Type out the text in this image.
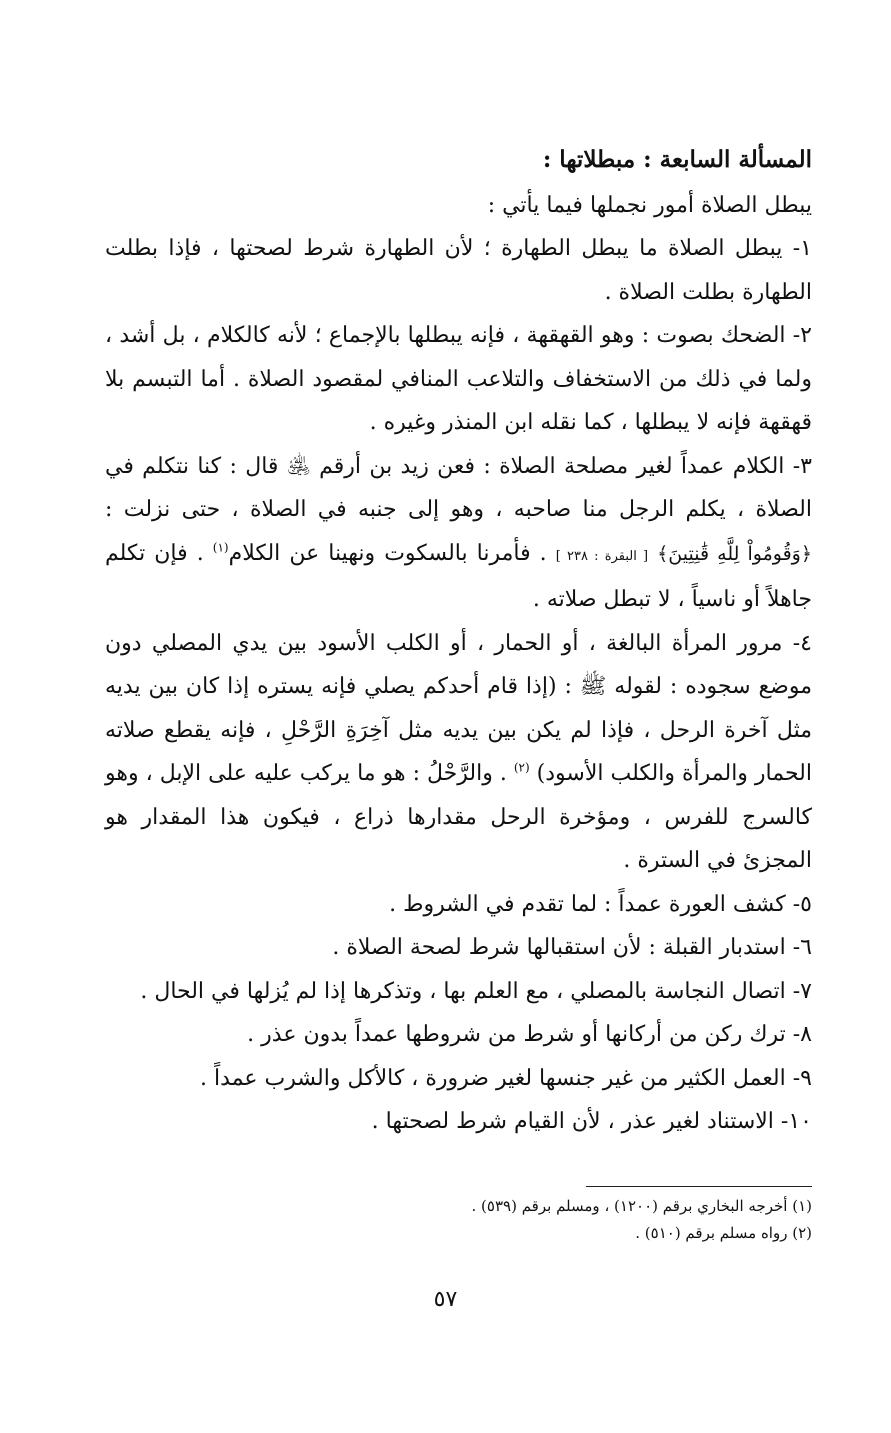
المسألة السابعة : مبطلاتها :

يبطل الصلاة أمور نجملها فيما يأتي :

١- يبطل الصلاة ما يبطل الطهارة ؛ لأن الطهارة شرط لصحتها ، فإذا بطلت الطهارة بطلت الصلاة .

٢- الضحك بصوت : وهو القهقهة ، فإنه يبطلها بالإجماع ؛ لأنه كالكلام ، بل أشد ، ولما في ذلك من الاستخفاف والتلاعب المنافي لمقصود الصلاة . أما التبسم بلا قهقهة فإنه لا يبطلها ، كما نقله ابن المنذر وغيره .

٣- الكلام عمداً لغير مصلحة الصلاة : فعن زيد بن أرقم ﵁ قال : كنا نتكلم في الصلاة ، يكلم الرجل منا صاحبه ، وهو إلى جنبه في الصلاة ، حتى نزلت : ﴿وَقُومُواْ لِلَّهِ قَٰنِتِينَ﴾ [ البقرة : ٢٣٨ ] . فأمرنا بالسكوت ونهينا عن الكلام$^{(١)}$ . فإن تكلم جاهلاً أو ناسياً ، لا تبطل صلاته .

٤- مرور المرأة البالغة ، أو الحمار ، أو الكلب الأسود بين يدي المصلي دون موضع سجوده : لقوله ﷺ : (إذا قام أحدكم يصلي فإنه يستره إذا كان بين يديه مثل آخرة الرحل ، فإذا لم يكن بين يديه مثل آخِرَةِ الرَّحْلِ ، فإنه يقطع صلاته الحمار والمرأة والكلب الأسود) $^{(٢)}$ . والرَّحْلُ : هو ما يركب عليه على الإبل ، وهو كالسرج للفرس ، ومؤخرة الرحل مقدارها ذراع ، فيكون هذا المقدار هو المجزئ في السترة .

٥- كشف العورة عمداً : لما تقدم في الشروط .

٦- استدبار القبلة : لأن استقبالها شرط لصحة الصلاة .

٧- اتصال النجاسة بالمصلي ، مع العلم بها ، وتذكرها إذا لم يُزلها في الحال .

٨- ترك ركن من أركانها أو شرط من شروطها عمداً بدون عذر .

٩- العمل الكثير من غير جنسها لغير ضرورة ، كالأكل والشرب عمداً .

١٠- الاستناد لغير عذر ، لأن القيام شرط لصحتها .

(١) أخرجه البخاري برقم (١٢٠٠) ، ومسلم برقم (٥٣٩) .
(٢) رواه مسلم برقم (٥١٠) .
٥٧
